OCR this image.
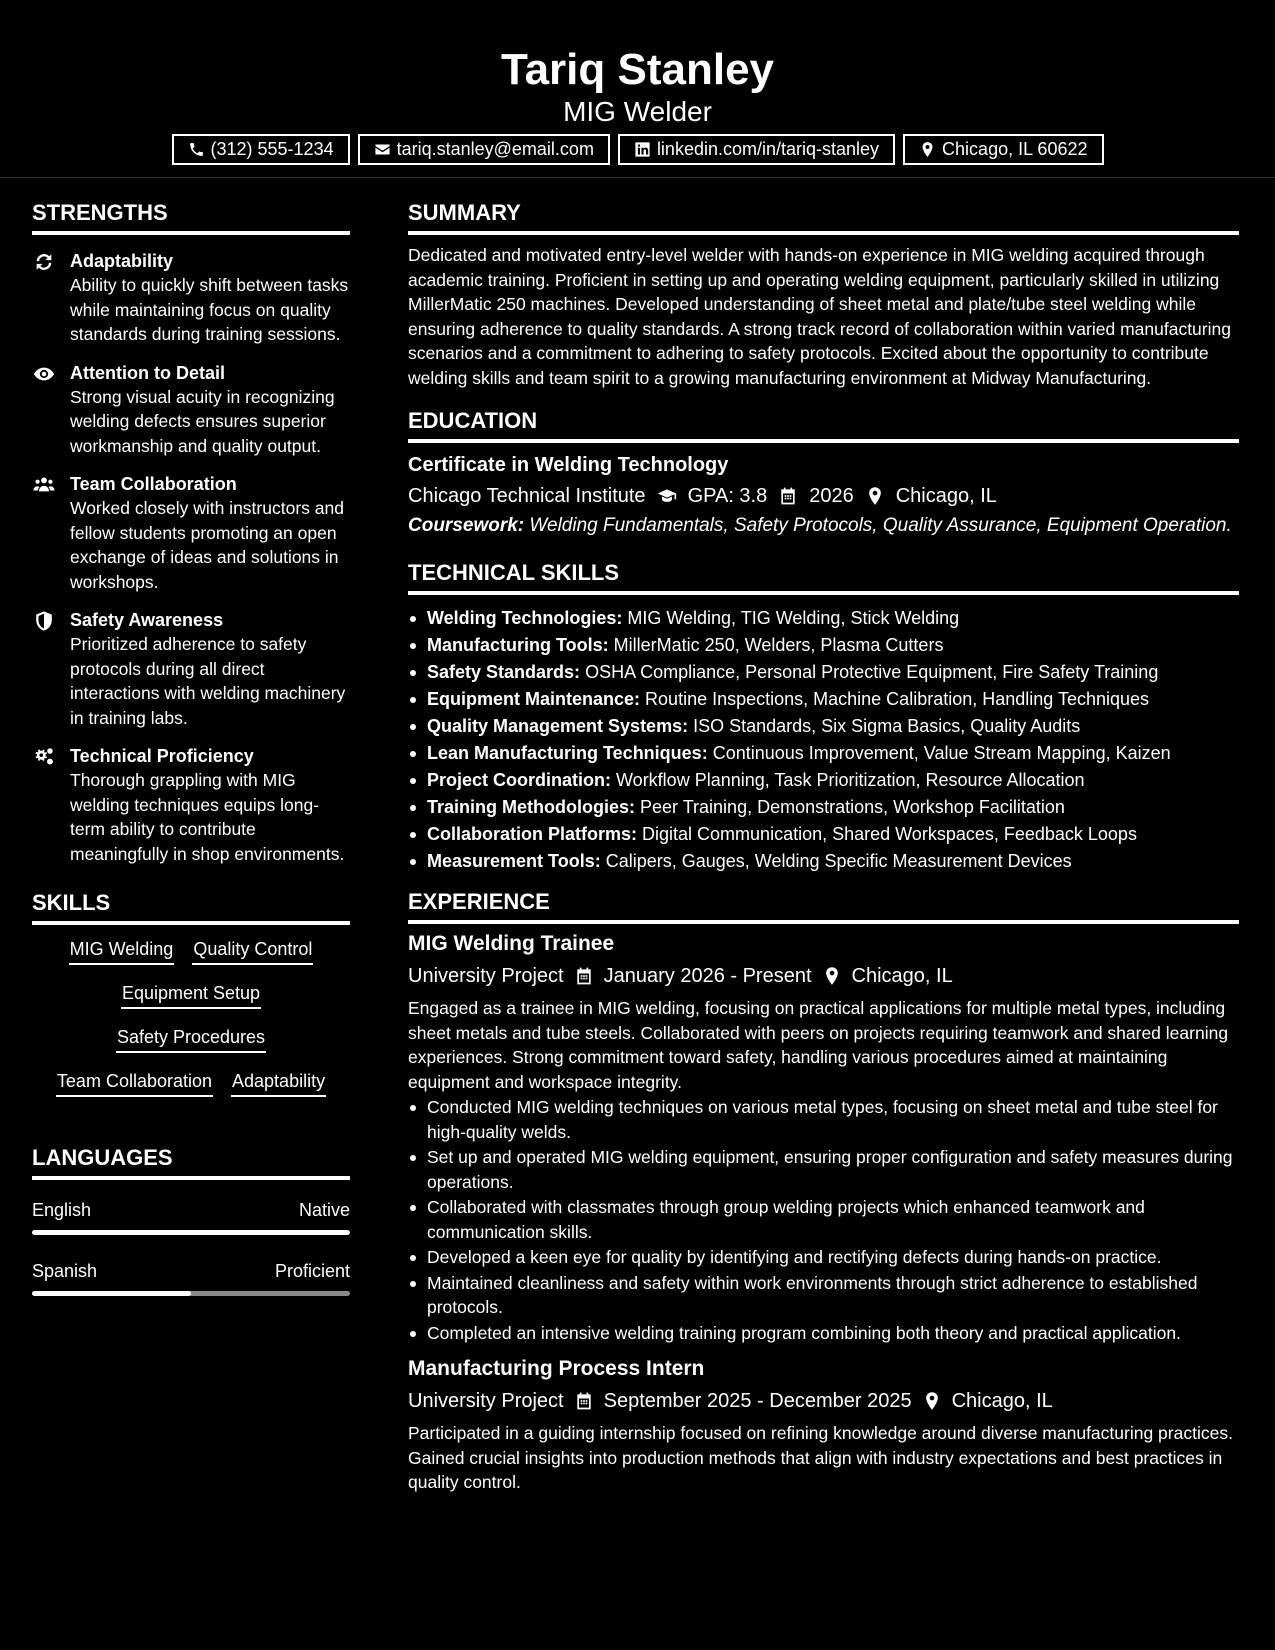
Tariq Stanley
MIG Welder
(312) 555-1234	tariq.stanley@email.com	linkedin.com/in/tariq-stanley	Chicago, IL 60622
STRENGTHS
Adaptability
Ability to quickly shift between tasks while maintaining focus on quality standards during training sessions.
Attention to Detail
Strong visual acuity in recognizing welding defects ensures superior workmanship and quality output.
Team Collaboration
Worked closely with instructors and fellow students promoting an open exchange of ideas and solutions in workshops.
Safety Awareness
Prioritized adherence to safety protocols during all direct interactions with welding machinery in training labs.
Technical Proficiency
Thorough grappling with MIG welding techniques equips long-term ability to contribute meaningfully in shop environments.
SKILLS
MIG Welding Quality Control
Equipment Setup
Safety Procedures
Team Collaboration Adaptability
LANGUAGES
English	Native
Spanish	Proficient
SUMMARY
Dedicated and motivated entry-level welder with hands-on experience in MIG welding acquired through academic training. Proficient in setting up and operating welding equipment, particularly skilled in utilizing MillerMatic 250 machines. Developed understanding of sheet metal and plate/tube steel welding while ensuring adherence to quality standards. A strong track record of collaboration within varied manufacturing scenarios and a commitment to adhering to safety protocols. Excited about the opportunity to contribute welding skills and team spirit to a growing manufacturing environment at Midway Manufacturing.
EDUCATION
Certificate in Welding Technology
Chicago Technical Institute GPA: 3.8 2026 Chicago, IL
Coursework: Welding Fundamentals, Safety Protocols, Quality Assurance, Equipment Operation.
TECHNICAL SKILLS
Welding Technologies: MIG Welding, TIG Welding, Stick Welding
Manufacturing Tools: MillerMatic 250, Welders, Plasma Cutters
Safety Standards: OSHA Compliance, Personal Protective Equipment, Fire Safety Training
Equipment Maintenance: Routine Inspections, Machine Calibration, Handling Techniques
Quality Management Systems: ISO Standards, Six Sigma Basics, Quality Audits
Lean Manufacturing Techniques: Continuous Improvement, Value Stream Mapping, Kaizen
Project Coordination: Workflow Planning, Task Prioritization, Resource Allocation
Training Methodologies: Peer Training, Demonstrations, Workshop Facilitation
Collaboration Platforms: Digital Communication, Shared Workspaces, Feedback Loops
Measurement Tools: Calipers, Gauges, Welding Specific Measurement Devices
EXPERIENCE
MIG Welding Trainee
University Project January 2026 - Present Chicago, IL
Engaged as a trainee in MIG welding, focusing on practical applications for multiple metal types, including sheet metals and tube steels. Collaborated with peers on projects requiring teamwork and shared learning experiences. Strong commitment toward safety, handling various procedures aimed at maintaining equipment and workspace integrity.
Conducted MIG welding techniques on various metal types, focusing on sheet metal and tube steel for high-quality welds.
Set up and operated MIG welding equipment, ensuring proper configuration and safety measures during operations.
Collaborated with classmates through group welding projects which enhanced teamwork and communication skills.
Developed a keen eye for quality by identifying and rectifying defects during hands-on practice.
Maintained cleanliness and safety within work environments through strict adherence to established protocols.
Completed an intensive welding training program combining both theory and practical application.
Manufacturing Process Intern
University Project September 2025 - December 2025 Chicago, IL
Participated in a guiding internship focused on refining knowledge around diverse manufacturing practices. Gained crucial insights into production methods that align with industry expectations and best practices in quality control.
